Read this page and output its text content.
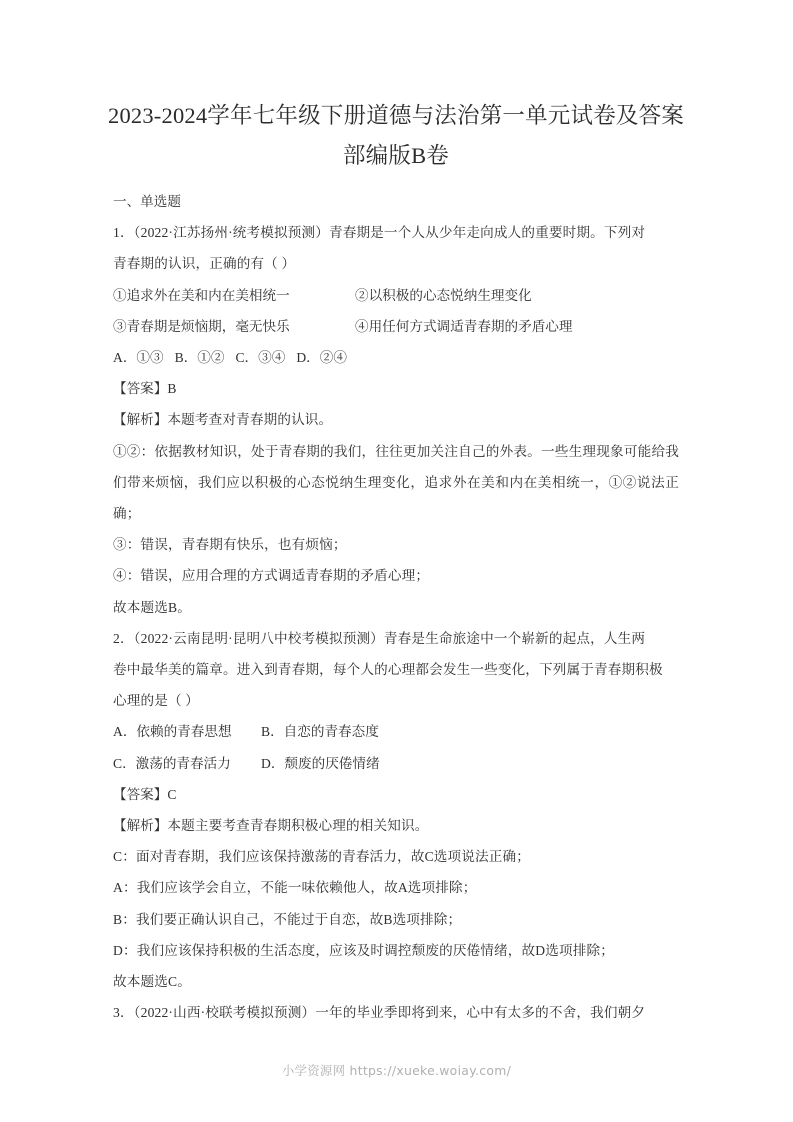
2023-2024学年七年级下册道德与法治第一单元试卷及答案
部编版B卷

一、单选题

1．（2022·江苏扬州·统考模拟预测）青春期是一个人从少年走向成人的重要时期。下列对

青春期的认识，正确的有（ ）

①追求外在美和内在美相统一	②以积极的心态悦纳生理变化

③青春期是烦恼期，毫无快乐	④用任何方式调适青春期的矛盾心理

A．①③ B．①② C．③④ D．②④

【答案】B

【解析】本题考查对青春期的认识。

①②：依据教材知识，处于青春期的我们，往往更加关注自己的外表。一些生理现象可能给我们带来烦恼，我们应以积极的心态悦纳生理变化，追求外在美和内在美相统一，①②说法正确；

③：错误，青春期有快乐，也有烦恼；

④：错误，应用合理的方式调适青春期的矛盾心理；

故本题选B。

2．（2022·云南昆明·昆明八中校考模拟预测）青春是生命旅途中一个崭新的起点，人生两

卷中最华美的篇章。进入到青春期，每个人的心理都会发生一些变化，下列属于青春期积极

心理的是（ ）

A．依赖的青春思想 B．自恋的青春态度

C．激荡的青春活力 D．颓废的厌倦情绪

【答案】C

【解析】本题主要考查青春期积极心理的相关知识。

C：面对青春期，我们应该保持激荡的青春活力，故C选项说法正确；

A：我们应该学会自立，不能一味依赖他人，故A选项排除；

B：我们要正确认识自己，不能过于自恋，故B选项排除；

D：我们应该保持积极的生活态度，应该及时调控颓废的厌倦情绪，故D选项排除；

故本题选C。

3．（2022·山西·校联考模拟预测）一年的毕业季即将到来，心中有太多的不舍，我们朝夕

小学资源网 https://xueke.woiay.com/
